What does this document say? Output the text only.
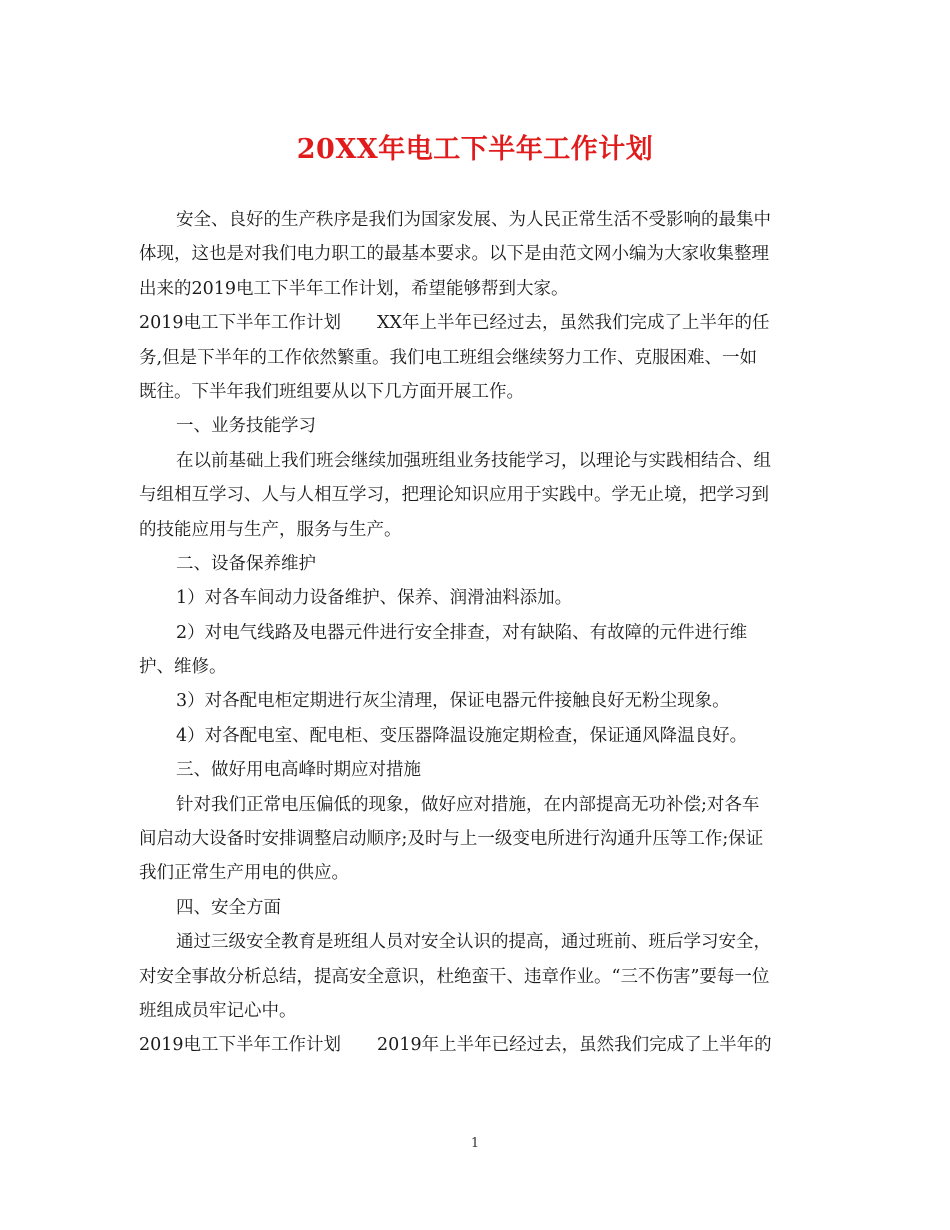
20XX年电工下半年工作计划
安全、良好的生产秩序是我们为国家发展、为人民正常生活不受影响的最集中
体现，这也是对我们电力职工的最基本要求。以下是由范文网小编为大家收集整理
出来的2019电工下半年工作计划，希望能够帮到大家。
2019电工下半年工作计划 XX年上半年已经过去，虽然我们完成了上半年的任
务,但是下半年的工作依然繁重。我们电工班组会继续努力工作、克服困难、一如
既往。下半年我们班组要从以下几方面开展工作。
一、业务技能学习
在以前基础上我们班会继续加强班组业务技能学习，以理论与实践相结合、组
与组相互学习、人与人相互学习，把理论知识应用于实践中。学无止境，把学习到
的技能应用与生产，服务与生产。
二、设备保养维护
1）对各车间动力设备维护、保养、润滑油料添加。
2）对电气线路及电器元件进行安全排查，对有缺陷、有故障的元件进行维
护、维修。
3）对各配电柜定期进行灰尘清理，保证电器元件接触良好无粉尘现象。
4）对各配电室、配电柜、变压器降温设施定期检查，保证通风降温良好。
三、做好用电高峰时期应对措施
针对我们正常电压偏低的现象，做好应对措施，在内部提高无功补偿;对各车
间启动大设备时安排调整启动顺序;及时与上一级变电所进行沟通升压等工作;保证
我们正常生产用电的供应。
四、安全方面
通过三级安全教育是班组人员对安全认识的提高，通过班前、班后学习安全，
对安全事故分析总结，提高安全意识，杜绝蛮干、违章作业。“三不伤害”要每一位
班组成员牢记心中。
2019电工下半年工作计划 2019年上半年已经过去，虽然我们完成了上半年的
1
